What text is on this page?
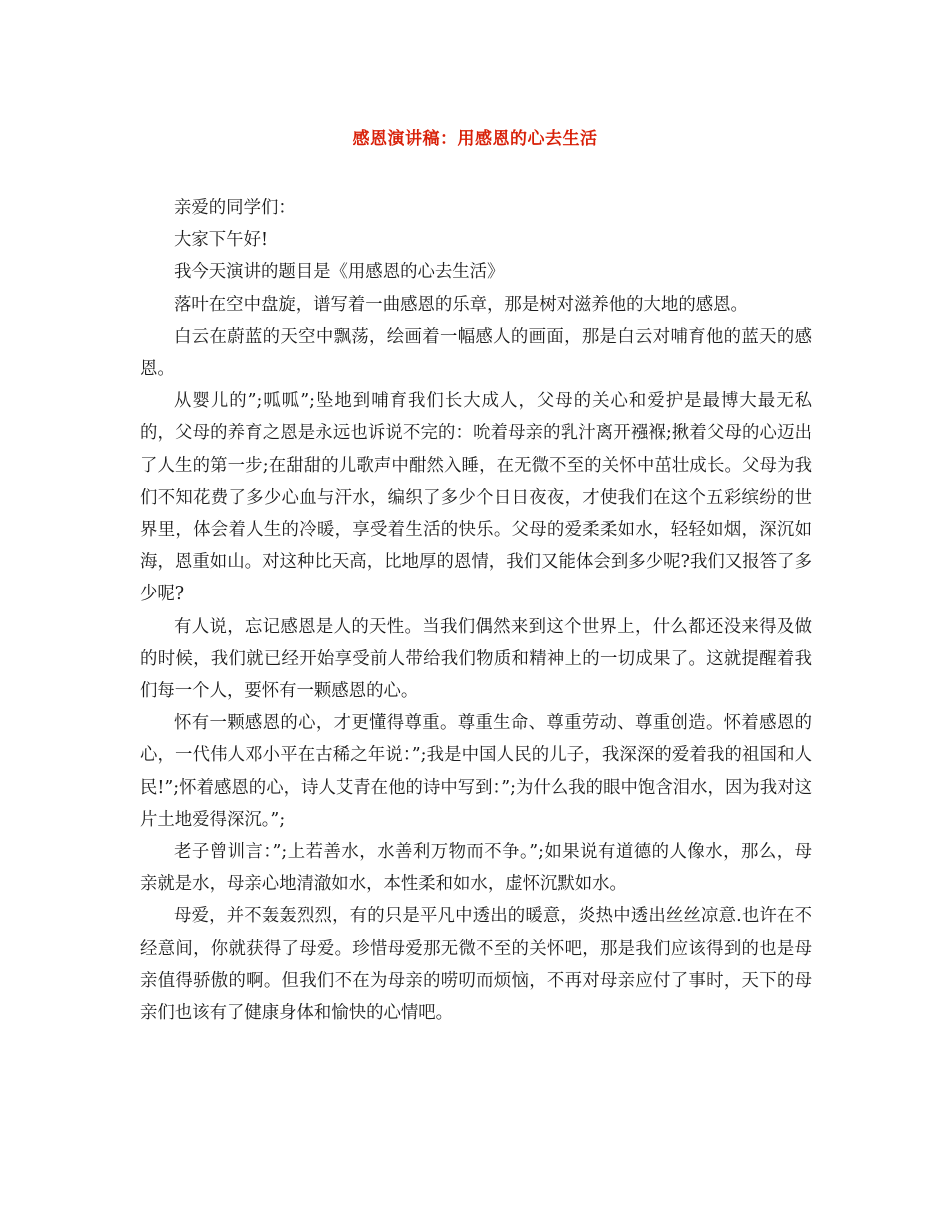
感恩演讲稿：用感恩的心去生活

亲爱的同学们：

大家下午好!

我今天演讲的题目是《用感恩的心去生活》

落叶在空中盘旋，谱写着一曲感恩的乐章，那是树对滋养他的大地的感恩。

白云在蔚蓝的天空中飘荡，绘画着一幅感人的画面，那是白云对哺育他的蓝天的感恩。

从婴儿的”;呱呱”;坠地到哺育我们长大成人，父母的关心和爱护是最博大最无私的，父母的养育之恩是永远也诉说不完的：吮着母亲的乳汁离开襁褓;揪着父母的心迈出了人生的第一步;在甜甜的儿歌声中酣然入睡，在无微不至的关怀中茁壮成长。父母为我们不知花费了多少心血与汗水，编织了多少个日日夜夜，才使我们在这个五彩缤纷的世界里，体会着人生的冷暖，享受着生活的快乐。父母的爱柔柔如水，轻轻如烟，深沉如海，恩重如山。对这种比天高，比地厚的恩情，我们又能体会到多少呢?我们又报答了多少呢?

有人说，忘记感恩是人的天性。当我们偶然来到这个世界上，什么都还没来得及做的时候，我们就已经开始享受前人带给我们物质和精神上的一切成果了。这就提醒着我们每一个人，要怀有一颗感恩的心。

怀有一颗感恩的心，才更懂得尊重。尊重生命、尊重劳动、尊重创造。怀着感恩的心，一代伟人邓小平在古稀之年说：”;我是中国人民的儿子，我深深的爱着我的祖国和人民!”;怀着感恩的心，诗人艾青在他的诗中写到：”;为什么我的眼中饱含泪水，因为我对这片土地爱得深沉。”;

老子曾训言：”;上若善水，水善利万物而不争。”;如果说有道德的人像水，那么，母亲就是水，母亲心地清澈如水，本性柔和如水，虚怀沉默如水。

母爱，并不轰轰烈烈，有的只是平凡中透出的暖意，炎热中透出丝丝凉意.也许在不经意间，你就获得了母爱。珍惜母爱那无微不至的关怀吧，那是我们应该得到的也是母亲值得骄傲的啊。但我们不在为母亲的唠叨而烦恼，不再对母亲应付了事时，天下的母亲们也该有了健康身体和愉快的心情吧。
